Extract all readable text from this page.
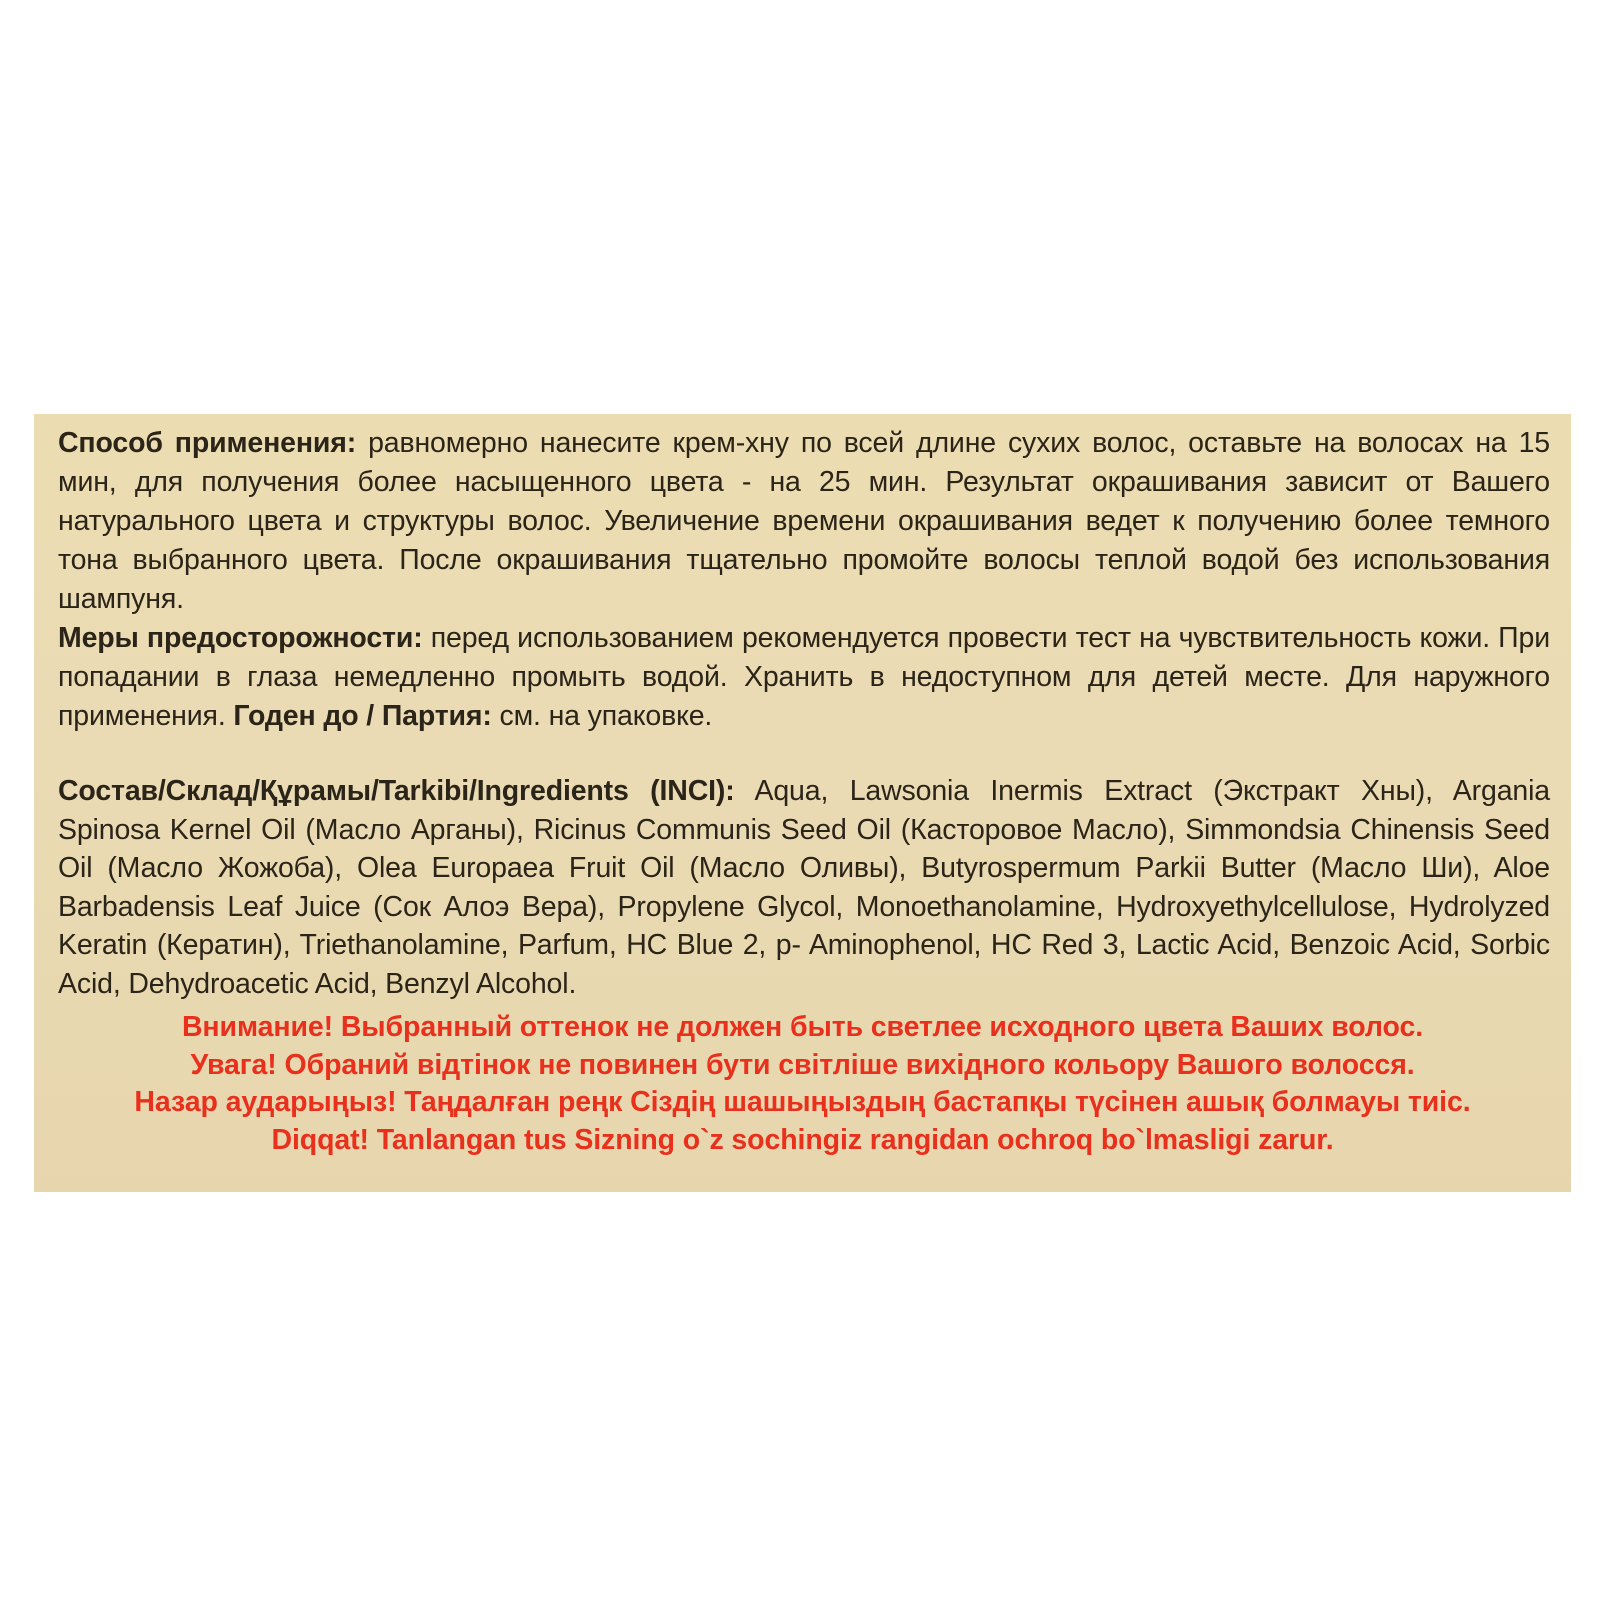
Способ применения: равномерно нанесите крем-хну по всей длине сухих волос, оставьте на волосах на 15 мин, для получения более насыщенного цвета - на 25 мин. Результат окрашивания зависит от Вашего натурального цвета и структуры волос. Увеличение времени окрашивания ведет к получению более темного тона выбранного цвета. После окрашивания тщательно промойте волосы теплой водой без использования шампуня.
Меры предосторожности: перед использованием рекомендуется провести тест на чувствительность кожи. При попадании в глаза немедленно промыть водой. Хранить в недоступном для детей месте. Для наружного применения. Годен до / Партия: см. на упаковке.
Состав/Склад/Құрамы/Tarkibi/Ingredients (INCI): Aqua, Lawsonia Inermis Extract (Экстракт Хны), Argania Spinosa Kernel Oil (Масло Арганы), Ricinus Communis Seed Oil (Касторовое Масло), Simmondsia Chinensis Seed Oil (Масло Жожоба), Olea Europaea Fruit Oil (Масло Оливы), Butyrospermum Parkii Butter (Масло Ши), Aloe Barbadensis Leaf Juice (Сок Алоэ Вера), Propylene Glycol, Monoethanolamine, Hydroxyethylcellulose, Hydrolyzed Keratin (Кератин), Triethanolamine, Parfum, HC Blue 2, p- Aminophenol, HC Red 3, Lactic Acid, Benzoic Acid, Sorbic Acid, Dehydroacetic Acid, Benzyl Alcohol.

Внимание! Выбранный оттенок не должен быть светлее исходного цвета Ваших волос.

Увага! Обраний відтінок не повинен бути світліше вихідного кольору Вашого волосся.

Назар аударыңыз! Таңдалған реңк Сіздің шашыңыздың бастапқы түсінен ашық болмауы тиіс.

Diqqat! Tanlangan tus Sizning o`z sochingiz rangidan ochroq bo`lmasligi zarur.
